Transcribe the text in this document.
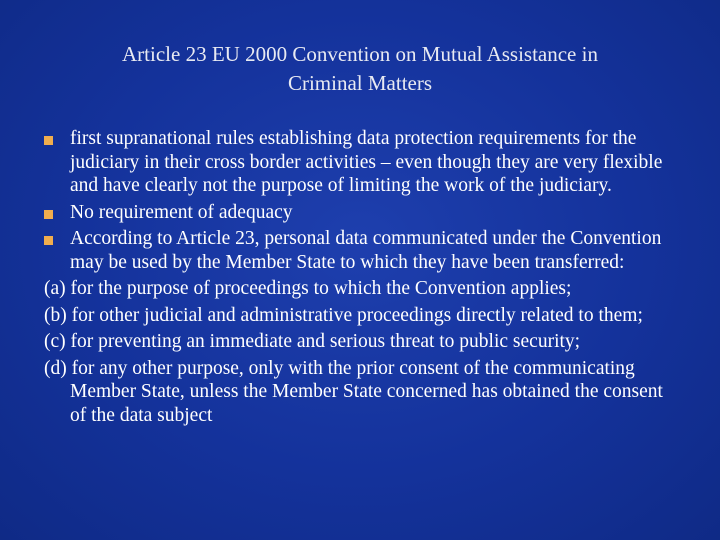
Article 23 EU 2000 Convention on Mutual Assistance in
Criminal Matters
first supranational rules establishing data protection requirements for the judiciary in their cross border activities – even though they are very flexible and have clearly not the purpose of limiting the work of the judiciary.
No requirement of adequacy
According to Article 23, personal data communicated under the Convention may be used by the Member State to which they have been transferred:
(a) for the purpose of proceedings to which the Convention applies;
(b) for other judicial and administrative proceedings directly related to them;
(c) for preventing an immediate and serious threat to public security;
(d) for any other purpose, only with the prior consent of the communicating Member State, unless the Member State concerned has obtained the consent of the data subject
